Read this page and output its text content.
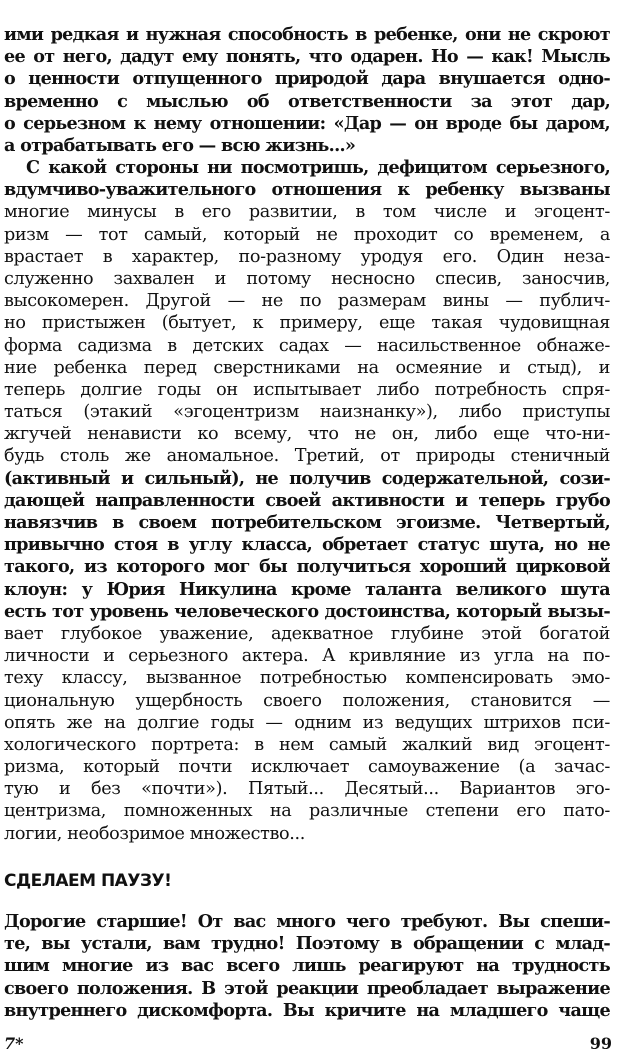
ими редкая и нужная способность в ребенке, они не скроют
ее от него, дадут ему понять, что одарен. Но — как! Мысль
о ценности отпущенного природой дара внушается одно-
временно с мыслью об ответственности за этот дар,
о серьезном к нему отношении: «Дар — он вроде бы даром,
а отрабатывать его — всю жизнь...»
С какой стороны ни посмотришь, дефицитом серьезного,
вдумчиво-уважительного отношения к ребенку вызваны
многие минусы в его развитии, в том числе и эгоцент-
ризм — тот самый, который не проходит со временем, а
врастает в характер, по-разному уродуя его. Один неза-
служенно захвален и потому несносно спесив, заносчив,
высокомерен. Другой — не по размерам вины — публич-
но пристыжен (бытует, к примеру, еще такая чудовищная
форма садизма в детских садах — насильственное обнаже-
ние ребенка перед сверстниками на осмеяние и стыд), и
теперь долгие годы он испытывает либо потребность спря-
таться (этакий «эгоцентризм наизнанку»), либо приступы
жгучей ненависти ко всему, что не он, либо еще что-ни-
будь столь же аномальное. Третий, от природы стеничный
(активный и сильный), не получив содержательной, сози-
дающей направленности своей активности и теперь грубо
навязчив в своем потребительском эгоизме. Четвертый,
привычно стоя в углу класса, обретает статус шута, но не
такого, из которого мог бы получиться хороший цирковой
клоун: у Юрия Никулина кроме таланта великого шута
есть тот уровень человеческого достоинства, который вызы-
вает глубокое уважение, адекватное глубине этой богатой
личности и серьезного актера. А кривляние из угла на по-
теху классу, вызванное потребностью компенсировать эмо-
циональную ущербность своего положения, становится —
опять же на долгие годы — одним из ведущих штрихов пси-
хологического портрета: в нем самый жалкий вид эгоцент-
ризма, который почти исключает самоуважение (а зачас-
тую и без «почти»). Пятый... Десятый... Вариантов эго-
центризма, помноженных на различные степени его пато-
логии, необозримое множество...
СДЕЛАЕМ ПАУЗУ!
Дорогие старшие! От вас много чего требуют. Вы спеши-
те, вы устали, вам трудно! Поэтому в обращении с млад-
шим многие из вас всего лишь реагируют на трудность
своего положения. В этой реакции преобладает выражение
внутреннего дискомфорта. Вы кричите на младшего чаще
7*	99
